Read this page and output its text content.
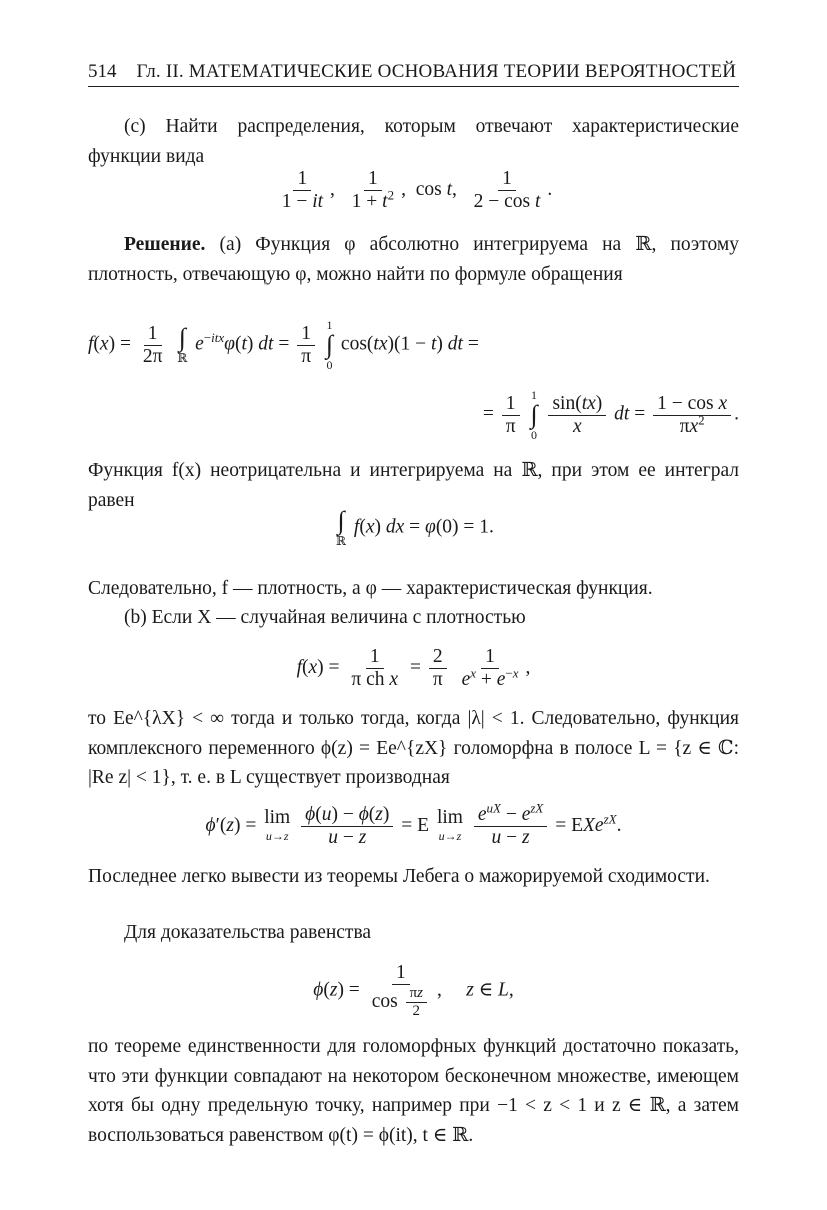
514 Гл. II. МАТЕМАТИЧЕСКИЕ ОСНОВАНИЯ ТЕОРИИ ВЕРОЯТНОСТЕЙ
(c) Найти распределения, которым отвечают характеристические функции вида
$\frac{1}{1 - it}$ , $\frac{1}{1 + t^2}$ ,  cos t, $\frac{1}{\text{2 − cos t}}$ .
Решение. (a) Функция φ абсолютно интегрируема на ℝ, поэтому плотность, отвечающую φ, можно найти по формуле обращения
$f(x) = \frac{1}{2\pi}$
∫
ℝ
$e^{-itx}\varphi(t)$ dt = $\frac{1}{\pi}$
1
∫
0
cos(tx)(1 − t) dt =
= $\frac{1}{\pi}$
1
∫
0
$\frac{\sin(tx)}{x}$ dt = $\frac{\text{1 − cos x}}{\pi x^2}$ .
Функция f(x) неотрицательна и интегрируема на ℝ, при этом ее интеграл равен
∫
ℝ
f(x) dx = φ(0) = 1.
Следовательно, f — плотность, а φ — характеристическая функция.
(b) Если X — случайная величина с плотностью
$f(x) = \frac{1}{\text{π ch x}} = \frac{2}{\pi}$
$\frac{1}{e^x + e^{-x}}$ ,
то Ee^{λX} < ∞ тогда и только тогда, когда |λ| < 1. Следовательно, функция комплексного переменного ϕ(z) = Ee^{zX} голоморфна в полосе L = {z ∈ ℂ: |Re z| < 1}, т. е. в L существует производная
ϕ′(z) = lim
u→z
$\frac{\phi(u) - \phi(z)}{u - z} = E$ lim
u→z

$e^{uX} - e^{zX}$
u − z
= EXe$^{zX}$.
Последнее легко вывести из теоремы Лебега о мажорируемой сходимости.
Для доказательства равенства
$\phi(z) = \frac{1}{\cos \frac{\pi z}{2}}$ ,     z ∈ L,
по теореме единственности для голоморфных функций достаточно показать, что эти функции совпадают на некотором бесконечном множестве, имеющем хотя бы одну предельную точку, например при −1 < z < 1 и z ∈ ℝ, а затем воспользоваться равенством φ(t) = ϕ(it), t ∈ ℝ.
